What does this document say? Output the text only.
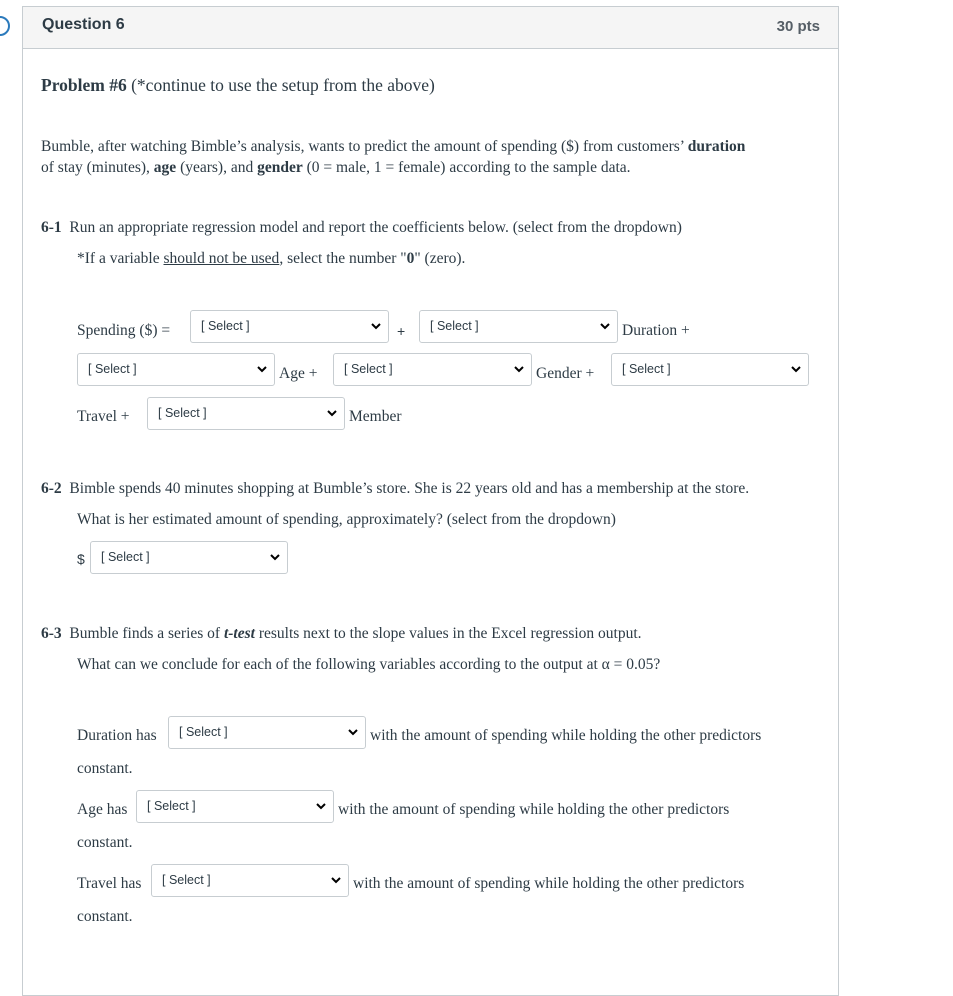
Question 6	30 pts
Problem #6 (*continue to use the setup from the above)
Bumble, after watching Bimble’s analysis, wants to predict the amount of spending ($) from customers’ duration
of stay (minutes), age (years), and gender (0 = male, 1 = female) according to the sample data.
6-1 Run an appropriate regression model and report the coefficients below. (select from the dropdown)
*If a variable should not be used, select the number "0" (zero).
Spending ($) = [ Select ]	+ [ Select ]	Duration +
[ Select ]	Age + [ Select ]	Gender + [ Select ]
Travel + [ Select ]	Member
6-2 Bimble spends 40 minutes shopping at Bumble’s store. She is 22 years old and has a membership at the store.
What is her estimated amount of spending, approximately? (select from the dropdown)
$ [ Select ]
6-3 Bumble finds a series of t-test results next to the slope values in the Excel regression output.
What can we conclude for each of the following variables according to the output at α = 0.05?
Duration has [ Select ]	with the amount of spending while holding the other predictors
constant.
Age has [ Select ]	with the amount of spending while holding the other predictors
constant.
Travel has [ Select ]	with the amount of spending while holding the other predictors
constant.
